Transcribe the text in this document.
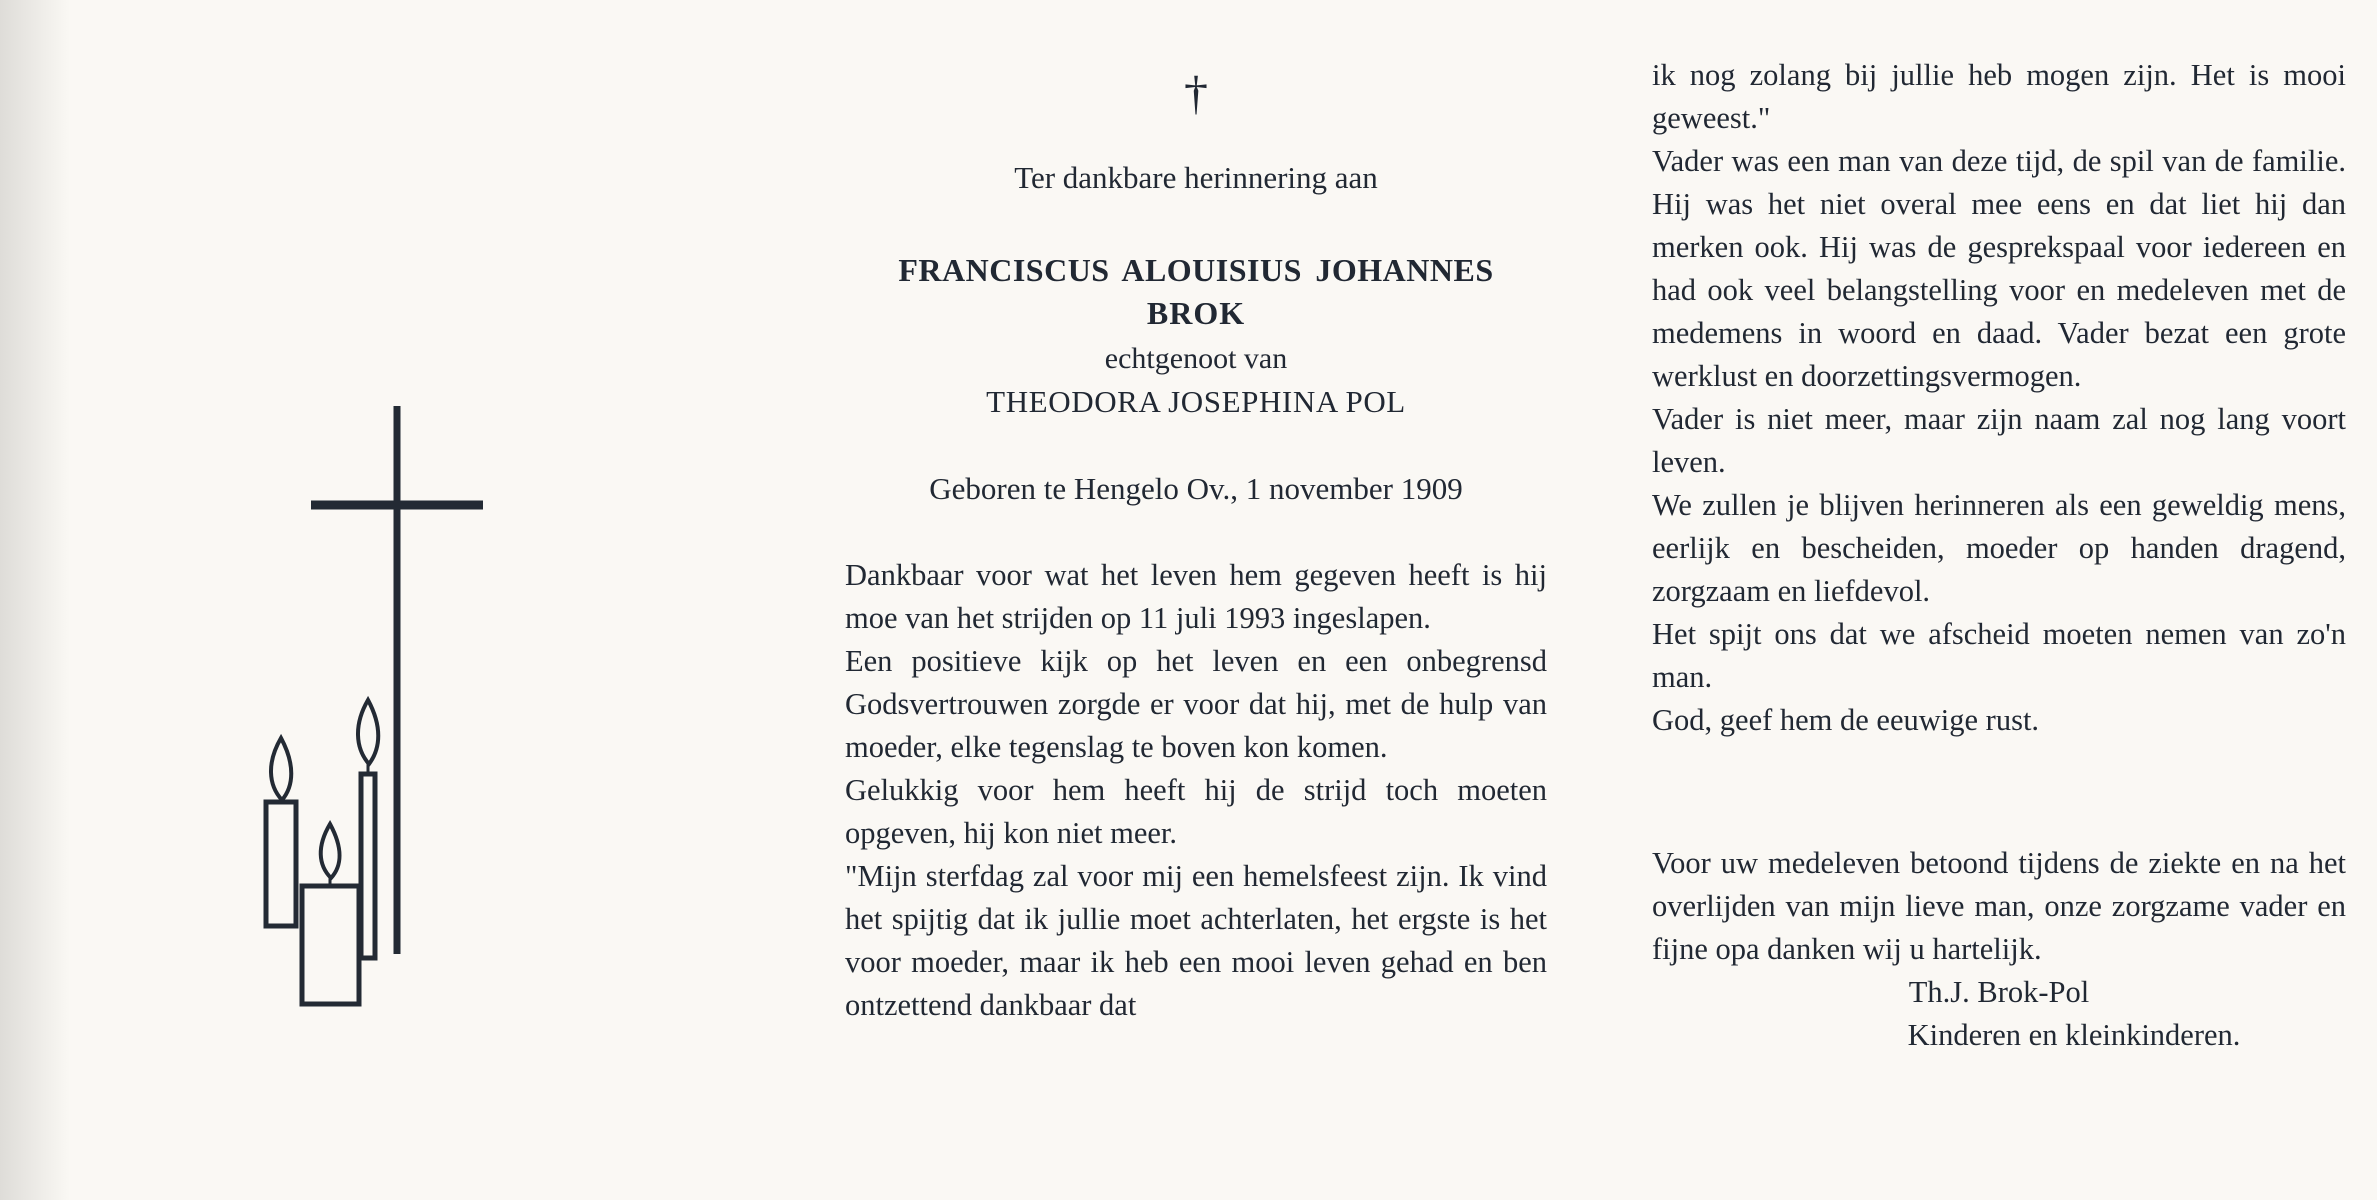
†
Ter dankbare herinnering aan
FRANCISCUS ALOUISIUS JOHANNES
BROK
echtgenoot van
THEODORA JOSEPHINA POL
Geboren te Hengelo Ov., 1 november 1909

Dankbaar voor wat het leven hem gegeven heeft is hij moe van het strijden op 11 juli 1993 ingeslapen.

Een positieve kijk op het leven en een onbegrensd Godsvertrouwen zorgde er voor dat hij, met de hulp van moeder, elke tegenslag te boven kon komen.

Gelukkig voor hem heeft hij de strijd toch moeten opgeven, hij kon niet meer.

"Mijn sterfdag zal voor mij een hemelsfeest zijn. Ik vind het spijtig dat ik jullie moet achterlaten, het ergste is het voor moeder, maar ik heb een mooi leven gehad en ben ontzettend dankbaar dat

ik nog zolang bij jullie heb mogen zijn. Het is mooi geweest."

Vader was een man van deze tijd, de spil van de familie. Hij was het niet overal mee eens en dat liet hij dan merken ook. Hij was de gesprekspaal voor iedereen en had ook veel belangstelling voor en medeleven met de medemens in woord en daad. Vader bezat een grote werklust en doorzettingsvermogen.

Vader is niet meer, maar zijn naam zal nog lang voort leven.

We zullen je blijven herinneren als een geweldig mens, eerlijk en bescheiden, moeder op handen dragend, zorgzaam en liefdevol.

Het spijt ons dat we afscheid moeten nemen van zo'n man.

God, geef hem de eeuwige rust.

Voor uw medeleven betoond tijdens de ziekte en na het overlijden van mijn lieve man, onze zorgzame vader en fijne opa danken wij u hartelijk.

Th.J. Brok-Pol
Kinderen en kleinkinderen.
